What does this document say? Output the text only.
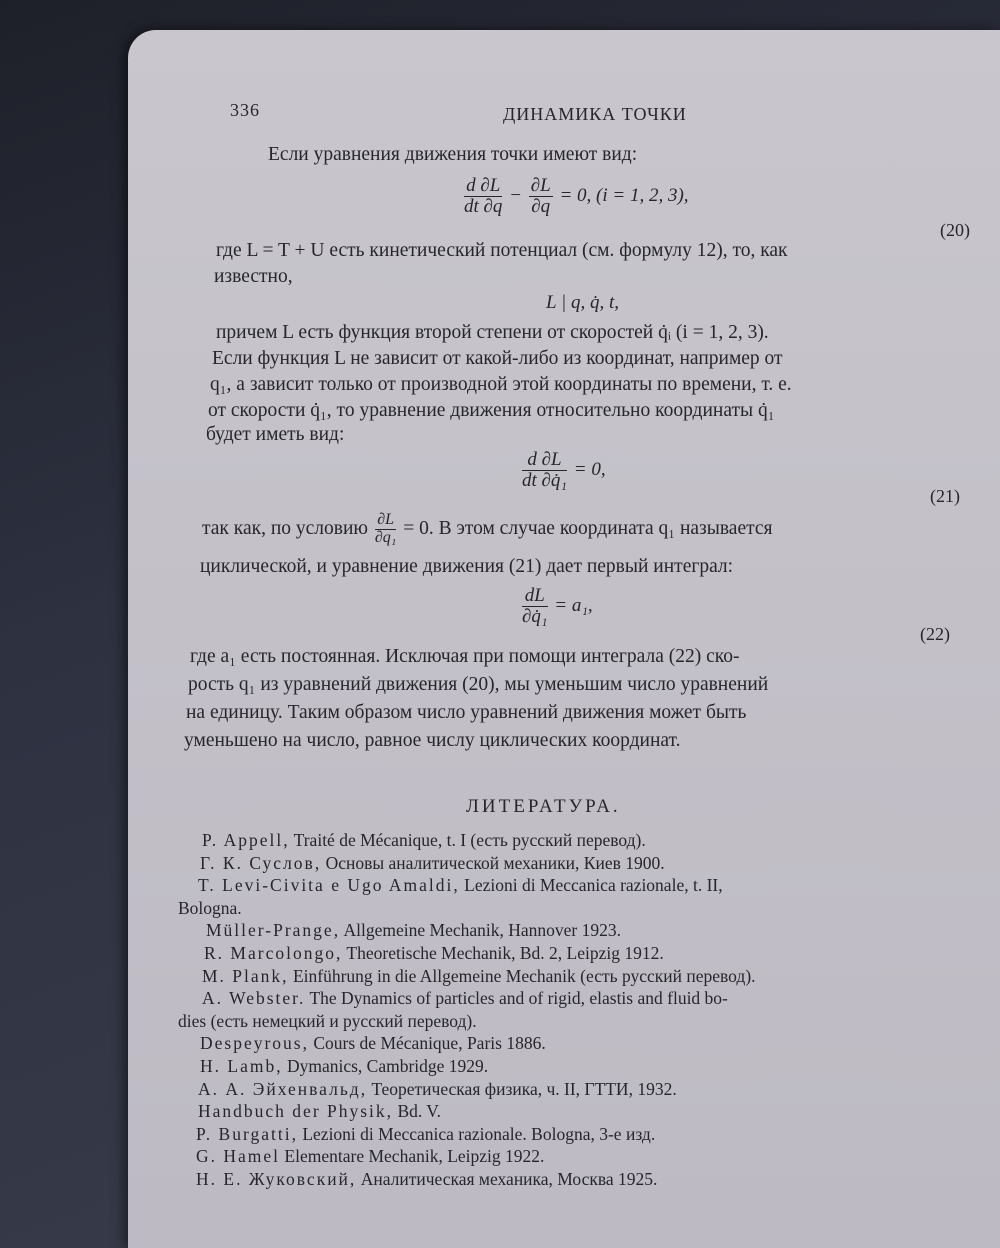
336	ДИНАМИКА ТОЧКИ
Если уравнения движения точки имеют вид:
$\frac{d \partial L}{dt \partial q} - \frac{\partial L}{\partial q} = 0$, (i = 1, 2, 3),
(20)
где L = T + U есть кинетический потенциал (см. формулу 12), то, как
известно,
L | q, q̇, t,
причем L есть функция второй степени от скоростей q̇ᵢ (i = 1, 2, 3).
Если функция L не зависит от какой-либо из координат, например от
q₁, а зависит только от производной этой координаты по времени, т. е.
от скорости q̇₁, то уравнение движения относительно координаты q̇₁
будет иметь вид:
$\frac{d \partial L}{\text{dt ∂q̇₁}} = 0$,
(21)
так как, по условию $\frac{\partial L}{\text{∂q₁}} = 0$. В этом случае координата q₁ называется
циклической, и уравнение движения (21) дает первый интеграл:
$\frac{dL}{\text{∂q̇₁}} = a_1$,
(22)
где a₁ есть постоянная. Исключая при помощи интеграла (22) ско-
рость q₁ из уравнений движения (20), мы уменьшим число уравнений
на единицу. Таким образом число уравнений движения может быть
уменьшено на число, равное числу циклических координат.
ЛИТЕРАТУРА.
P. Appell, Traité de Mécanique, t. I (есть русский перевод).
Г. К. Суслов, Основы аналитической механики, Киев 1900.
T. Levi-Civita e Ugo Amaldi, Lezioni di Meccanica razionale, t. II,
Bologna.
Müller-Prange, Allgemeine Mechanik, Hannover 1923.
R. Marcolongo, Theoretische Mechanik, Bd. 2, Leipzig 1912.
M. Plank, Einführung in die Allgemeine Mechanik (есть русский перевод).
A. Webster. The Dynamics of particles and of rigid, elastis and fluid bo-
dies (есть немецкий и русский перевод).
Despeyrous, Cours de Mécanique, Paris 1886.
H. Lamb, Dymanics, Cambridge 1929.
А. А. Эйхенвальд, Теоретическая физика, ч. II, ГТТИ, 1932.
Handbuch der Physik, Bd. V.
P. Burgatti, Lezioni di Meccanica razionale. Bologna, 3-е изд.
G. Hamel Elementare Mechanik, Leipzig 1922.
Н. Е. Жуковский, Аналитическая механика, Москва 1925.
